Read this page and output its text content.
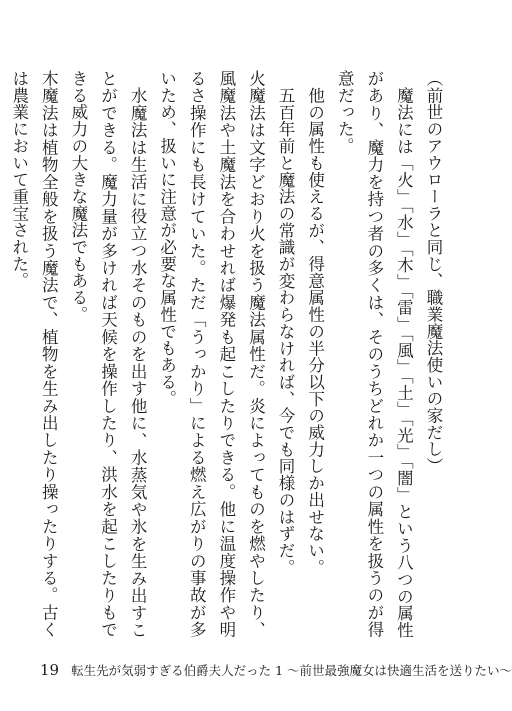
（前世のアウローラと同じ、職業魔法使いの家だし）

魔法には「火」「水」「木」「雷」「風」「土」「光」「闇」という八つの属性があり、魔力を持つ者の多くは、そのうちどれか一つの属性を扱うのが得意だった。

他の属性も使えるが、得意属性の半分以下の威力しか出せない。

五百年前と魔法の常識が変わらなければ、今でも同様のはずだ。

火魔法は文字どおり火を扱う魔法属性だ。炎によってものを燃やしたり、風魔法や土魔法を合わせれば爆発も起こしたりできる。他に温度操作や明るさ操作にも長けていた。ただ「うっかり」による燃え広がりの事故が多いため、扱いに注意が必要な属性でもある。

水魔法は生活に役立つ水そのものを出す他に、水蒸気や氷を生み出すことができる。魔力量が多ければ天候を操作したり、洪水を起こしたりもできる威力の大きな魔法でもある。

木魔法は植物全般を扱う魔法で、植物を生み出したり操ったりする。古くは農業において重宝された。

19 転生先が気弱すぎる伯爵夫人だった 1 〜前世最強魔女は快適生活を送りたい〜
